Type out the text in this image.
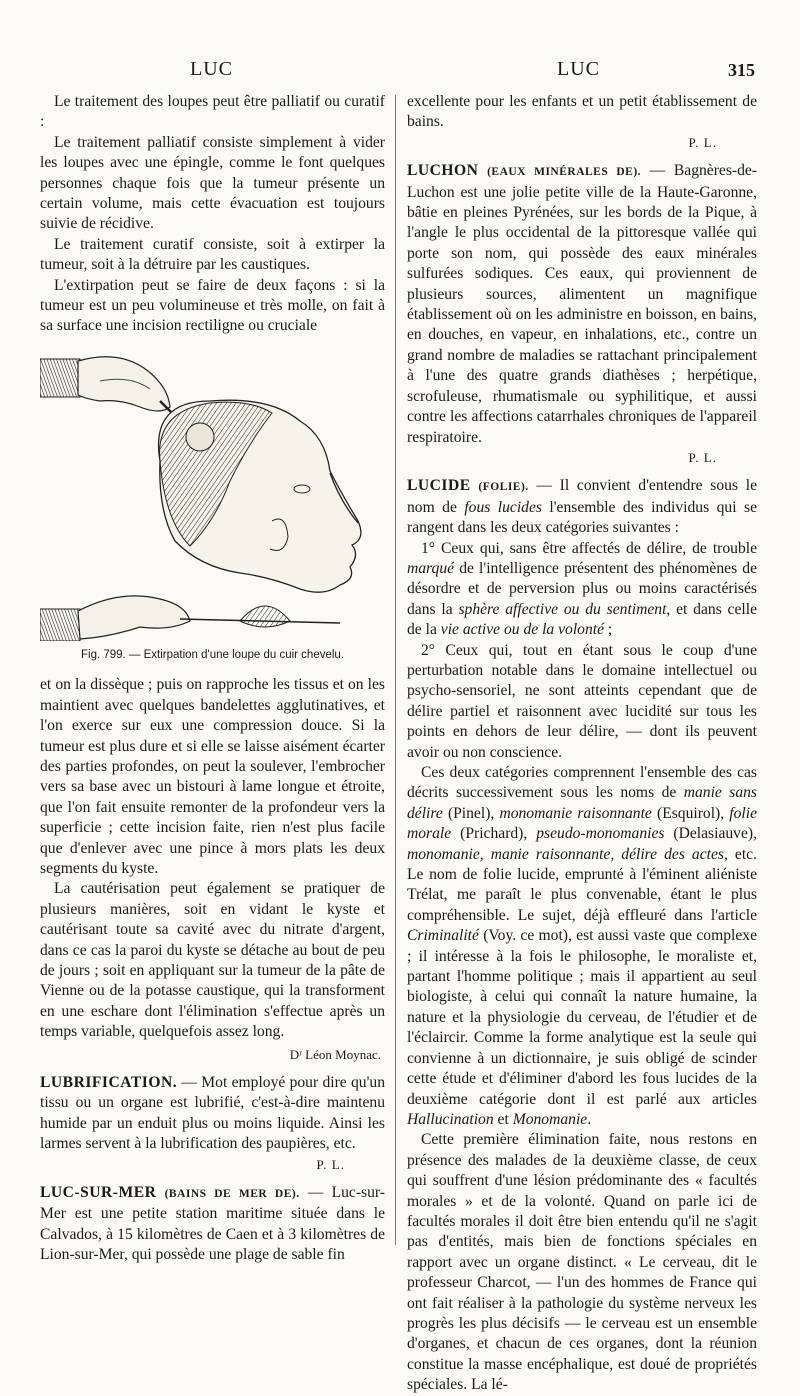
LUC	LUC	315

Le traitement des loupes peut être palliatif ou curatif :

Le traitement palliatif consiste simplement à vider les loupes avec une épingle, comme le font quelques personnes chaque fois que la tumeur présente un certain volume, mais cette évacuation est toujours suivie de récidive.

Le traitement curatif consiste, soit à extirper la tumeur, soit à la détruire par les caustiques.

L'extirpation peut se faire de deux façons : si la tumeur est un peu volumineuse et très molle, on fait à sa surface une incision rectiligne ou cruciale

Fig. 799. — Extirpation d'une loupe du cuir chevelu.

et on la dissèque ; puis on rapproche les tissus et on les maintient avec quelques bandelettes agglutinatives, et l'on exerce sur eux une compression douce. Si la tumeur est plus dure et si elle se laisse aisément écarter des parties profondes, on peut la soulever, l'embrocher vers sa base avec un bistouri à lame longue et étroite, que l'on fait ensuite remonter de la profondeur vers la superficie ; cette incision faite, rien n'est plus facile que d'enlever avec une pince à mors plats les deux segments du kyste.

La cautérisation peut également se pratiquer de plusieurs manières, soit en vidant le kyste et cautérisant toute sa cavité avec du nitrate d'argent, dans ce cas la paroi du kyste se détache au bout de peu de jours ; soit en appliquant sur la tumeur de la pâte de Vienne ou de la potasse caustique, qui la transforment en une eschare dont l'élimination s'effectue après un temps variable, quelquefois assez long.

Dʳ Léon Moynac.

LUBRIFICATION. — Mot employé pour dire qu'un tissu ou un organe est lubrifié, c'est-à-dire maintenu humide par un enduit plus ou moins liquide. Ainsi les larmes servent à la lubrification des paupières, etc.

P. L.

LUC-SUR-MER (BAINS DE MER DE). — Luc-sur-Mer est une petite station maritime située dans le Calvados, à 15 kilomètres de Caen et à 3 kilomètres de Lion-sur-Mer, qui possède une plage de sable fin

excellente pour les enfants et un petit établissement de bains.

P. L.

LUCHON (EAUX MINÉRALES DE). — Bagnères-de-Luchon est une jolie petite ville de la Haute-Garonne, bâtie en pleines Pyrénées, sur les bords de la Pique, à l'angle le plus occidental de la pittoresque vallée qui porte son nom, qui possède des eaux minérales sulfurées sodiques. Ces eaux, qui proviennent de plusieurs sources, alimentent un magnifique établissement où on les administre en boisson, en bains, en douches, en vapeur, en inhalations, etc., contre un grand nombre de maladies se rattachant principalement à l'une des quatre grands diathèses ; herpétique, scrofuleuse, rhumatismale ou syphilitique, et aussi contre les affections catarrhales chroniques de l'appareil respiratoire.

P. L.

LUCIDE (FOLIE). — Il convient d'entendre sous le nom de fous lucides l'ensemble des individus qui se rangent dans les deux catégories suivantes :

1° Ceux qui, sans être affectés de délire, de trouble marqué de l'intelligence présentent des phénomènes de désordre et de perversion plus ou moins caractérisés dans la sphère affective ou du sentiment, et dans celle de la vie active ou de la volonté ;

2° Ceux qui, tout en étant sous le coup d'une perturbation notable dans le domaine intellectuel ou psycho-sensoriel, ne sont atteints cependant que de délire partiel et raisonnent avec lucidité sur tous les points en dehors de leur délire, — dont ils peuvent avoir ou non conscience.

Ces deux catégories comprennent l'ensemble des cas décrits successivement sous les noms de manie sans délire (Pinel), monomanie raisonnante (Esquirol), folie morale (Prichard), pseudo-monomanies (Delasiauve), monomanie, manie raisonnante, délire des actes, etc. Le nom de folie lucide, emprunté à l'éminent aliéniste Trélat, me paraît le plus convenable, étant le plus compréhensible. Le sujet, déjà effleuré dans l'article Criminalité (Voy. ce mot), est aussi vaste que complexe ; il intéresse à la fois le philosophe, le moraliste et, partant l'homme politique ; mais il appartient au seul biologiste, à celui qui connaît la nature humaine, la nature et la physiologie du cerveau, de l'étudier et de l'éclaircir. Comme la forme analytique est la seule qui convienne à un dictionnaire, je suis obligé de scinder cette étude et d'éliminer d'abord les fous lucides de la deuxième catégorie dont il est parlé aux articles Hallucination et Monomanie.

Cette première élimination faite, nous restons en présence des malades de la deuxième classe, de ceux qui souffrent d'une lésion prédominante des « facultés morales » et de la volonté. Quand on parle ici de facultés morales il doit être bien entendu qu'il ne s'agit pas d'entités, mais bien de fonctions spéciales en rapport avec un organe distinct. « Le cerveau, dit le professeur Charcot, — l'un des hommes de France qui ont fait réaliser à la pathologie du système nerveux les progrès les plus décisifs — le cerveau est un ensemble d'organes, et chacun de ces organes, dont la réunion constitue la masse encéphalique, est doué de propriétés spéciales. La lé-
